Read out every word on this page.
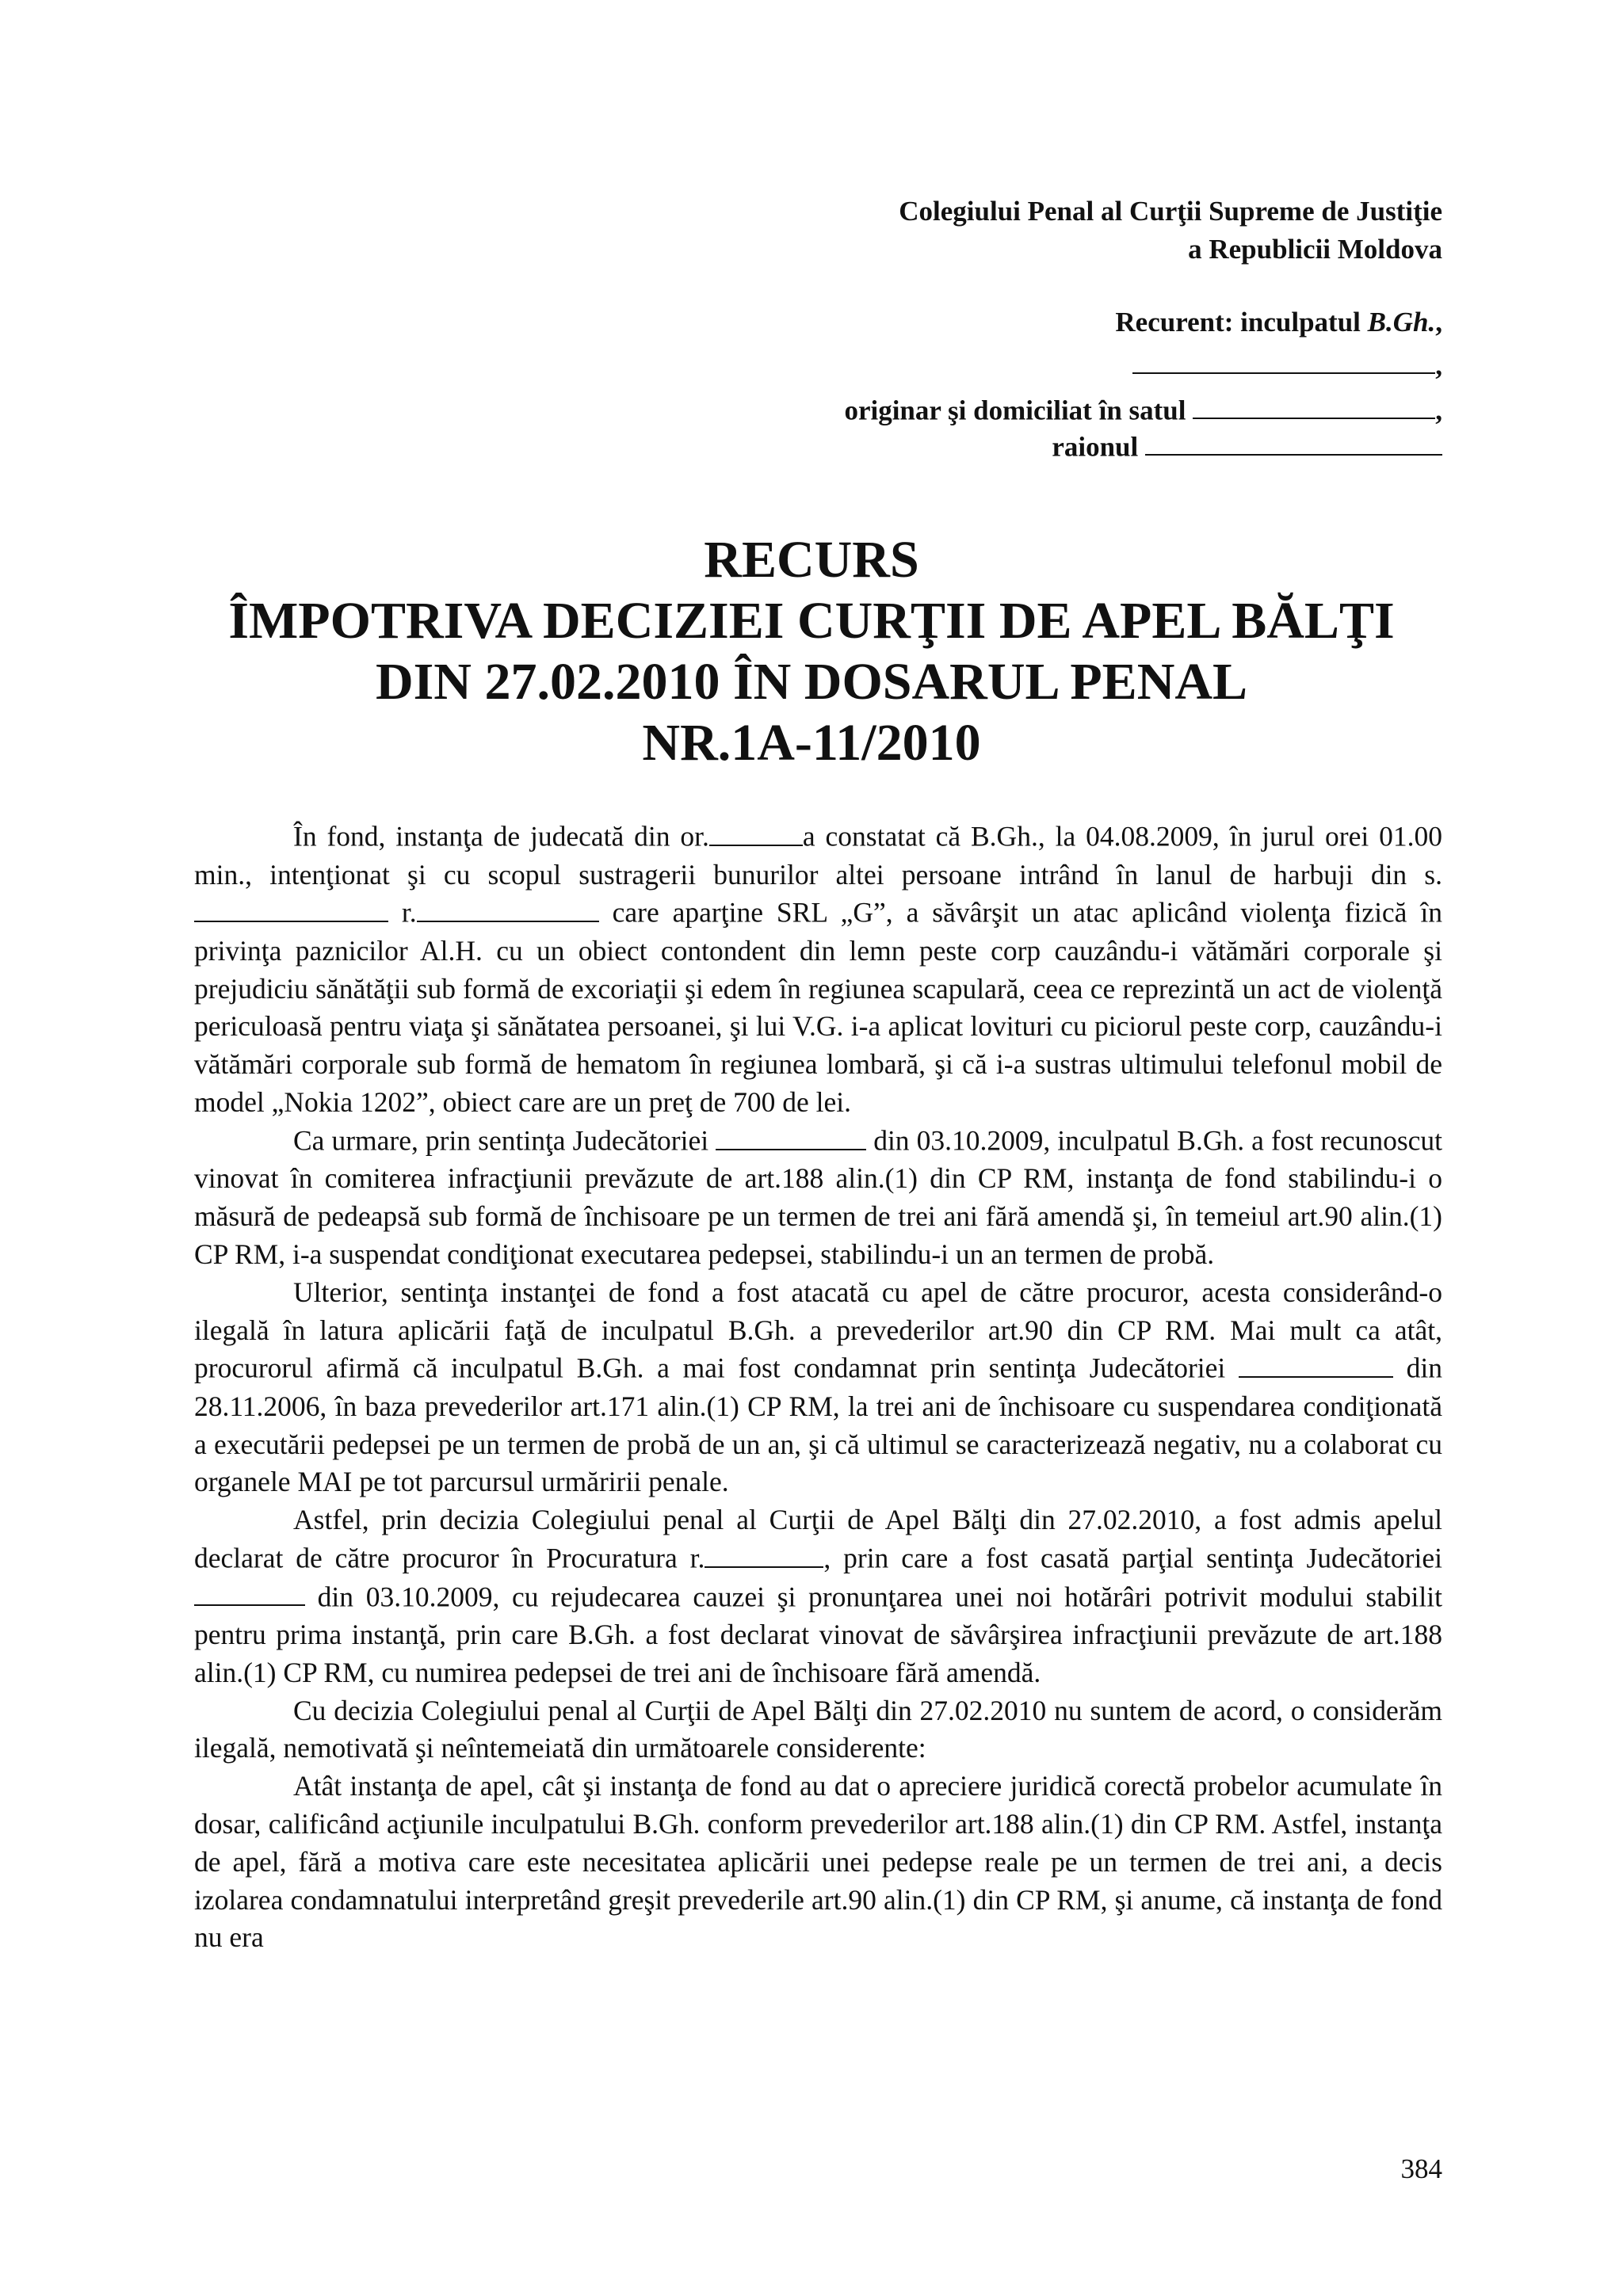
Colegiului Penal al Curţii Supreme de Justiţie
a Republicii Moldova
Recurent: inculpatul B.Gh.,
,
originar şi domiciliat în satul	,
raionul
RECURS
ÎMPOTRIVA DECIZIEI CURŢII DE APEL BĂLŢI
DIN 27.02.2010 ÎN DOSARUL PENAL
NR.1A-11/2010

În fond, instanţa de judecată din or.	a constatat că B.Gh., la 04.08.2009, în jurul orei 01.00 min., intenţionat şi cu scopul sustragerii bunurilor altei persoane intrând în lanul de harbuji din s. r.	care aparţine SRL „G”, a săvârşit un atac aplicând violenţa fizică în privinţa paznicilor Al.H. cu un obiect contondent din lemn peste corp cauzându-i vătămări corporale şi prejudiciu sănătăţii sub formă de excoriaţii şi edem în regiunea scapulară, ceea ce reprezintă un act de violenţă periculoasă pentru viaţa şi sănătatea persoanei, şi lui V.G. i-a aplicat lovituri cu piciorul peste corp, cauzându-i vătămări corporale sub formă de hematom în regiunea lombară, şi că i-a sustras ultimului telefonul mobil de model „Nokia 1202”, obiect care are un preţ de 700 de lei.

Ca urmare, prin sentinţa Judecătoriei	din 03.10.2009, inculpatul B.Gh. a fost recunoscut vinovat în comiterea infracţiunii prevăzute de art.188 alin.(1) din CP RM, instanţa de fond stabilindu-i o măsură de pedeapsă sub formă de închisoare pe un termen de trei ani fără amendă şi, în temeiul art.90 alin.(1) CP RM, i-a suspendat condiţionat executarea pedepsei, stabilindu-i un an termen de probă.

Ulterior, sentinţa instanţei de fond a fost atacată cu apel de către procuror, acesta considerând-o ilegală în latura aplicării faţă de inculpatul B.Gh. a prevederilor art.90 din CP RM. Mai mult ca atât, procurorul afirmă că inculpatul B.Gh. a mai fost condamnat prin sentinţa Judecătoriei	din 28.11.2006, în baza prevederilor art.171 alin.(1) CP RM, la trei ani de închisoare cu suspendarea condiţionată a executării pedepsei pe un termen de probă de un an, şi că ultimul se caracterizează negativ, nu a colaborat cu organele MAI pe tot parcursul urmăririi penale.

Astfel, prin decizia Colegiului penal al Curţii de Apel Bălţi din 27.02.2010, a fost admis apelul declarat de către procuror în Procuratura r.	, prin care a fost casată parţial sentinţa Judecătoriei  din 03.10.2009, cu rejudecarea cauzei şi pronunţarea unei noi hotărâri potrivit modului stabilit pentru prima instanţă, prin care B.Gh. a fost declarat vinovat de săvârşirea infracţiunii prevăzute de art.188 alin.(1) CP RM, cu numirea pedepsei de trei ani de închisoare fără amendă.

Cu decizia Colegiului penal al Curţii de Apel Bălţi din 27.02.2010 nu suntem de acord, o considerăm ilegală, nemotivată şi neîntemeiată din următoarele considerente:

Atât instanţa de apel, cât şi instanţa de fond au dat o apreciere juridică corectă probelor acumulate în dosar, calificând acţiunile inculpatului B.Gh. conform prevederilor art.188 alin.(1) din CP RM. Astfel, instanţa de apel, fără a motiva care este necesitatea aplicării unei pedepse reale pe un termen de trei ani, a decis izolarea condamnatului interpretând greşit prevederile art.90 alin.(1) din CP RM, şi anume, că instanţa de fond nu era

384
